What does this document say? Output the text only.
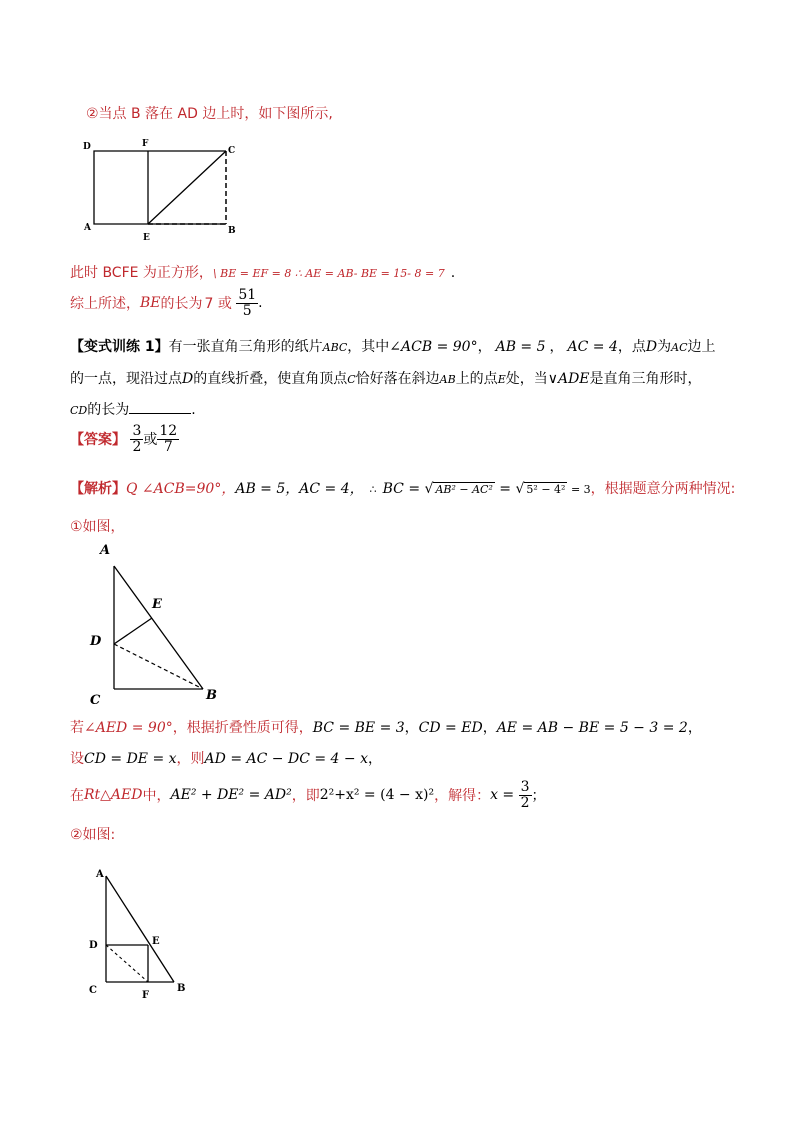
②当点 B 落在 AD 边上时，如下图所示,
D	F
C
A
E
B
此时 BCFE 为正方形，\ BE = EF = 8 ∴ AE = AB- BE = 15- 8 = 7 .
综上所述，BE的长为 7 或 $\frac{51}{5}$ .
【变式训练 1】有一张直角三角形的纸片ABC，其中∠ACB = 90°， AB = 5 ， AC = 4，点D为AC边上
的一点，现沿过点D的直线折叠，使直角顶点C恰好落在斜边AB上的点E处，当∨ADE是直角三角形时，
CD的长为	.
【答案】 $\frac{3}{2}$ 或 $\frac{12}{7}$
【解析】Q ∠ACB=90°，AB = 5，AC = 4， ∴ BC = √ AB² − AC² = √ 5² − 4² = 3，根据题意分两种情况:
①如图，
A
E
D
C	B
若∠AED = 90°，根据折叠性质可得，BC = BE = 3，CD = ED，AE = AB − BE = 5 − 3 = 2，
设CD = DE = x，则AD = AC − DC = 4 − x，
在Rt△AED中，AE² + DE² = AD²，即2²+x² = (4 − x)²，解得：$x = \frac{3}{2}$ ；
②如图:
A
D	E
C	F
B
